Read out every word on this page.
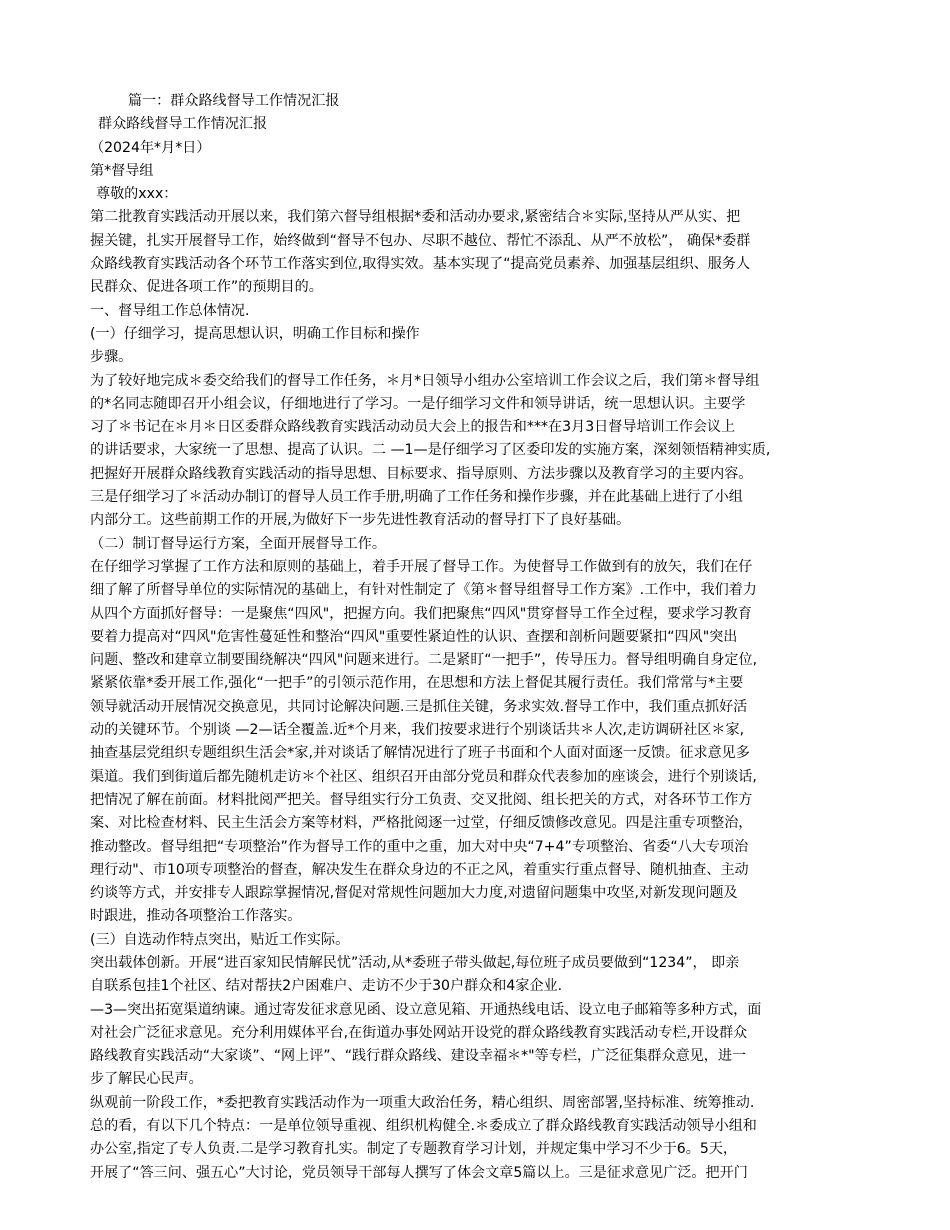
篇一：群众路线督导工作情况汇报
群众路线督导工作情况汇报
（2024年*月*日）
第*督导组
尊敬的xxx：
第二批教育实践活动开展以来，我们第六督导组根据*委和活动办要求,紧密结合＊实际,坚持从严从实、把
握关键，扎实开展督导工作，始终做到“督导不包办、尽职不越位、帮忙不添乱、从严不放松”， 确保*委群
众路线教育实践活动各个环节工作落实到位,取得实效。基本实现了“提高党员素养、加强基层组织、服务人
民群众、促进各项工作”的预期目的。
一、督导组工作总体情况.
(一）仔细学习，提高思想认识，明确工作目标和操作
步骤。
为了较好地完成＊委交给我们的督导工作任务，＊月*日领导小组办公室培训工作会议之后，我们第＊督导组
的*名同志随即召开小组会议，仔细地进行了学习。一是仔细学习文件和领导讲话，统一思想认识。主要学
习了＊书记在＊月＊日区委群众路线教育实践活动动员大会上的报告和***在3月3日督导培训工作会议上
的讲话要求，大家统一了思想、提高了认识。二 —1—是仔细学习了区委印发的实施方案，深刻领悟精神实质,
把握好开展群众路线教育实践活动的指导思想、目标要求、指导原则、方法步骤以及教育学习的主要内容。
三是仔细学习了＊活动办制订的督导人员工作手册,明确了工作任务和操作步骤，并在此基础上进行了小组
内部分工。这些前期工作的开展,为做好下一步先进性教育活动的督导打下了良好基础。
（二）制订督导运行方案，全面开展督导工作。
在仔细学习掌握了工作方法和原则的基础上，着手开展了督导工作。为使督导工作做到有的放矢，我们在仔
细了解了所督导单位的实际情况的基础上，有针对性制定了《第＊督导组督导工作方案》.工作中，我们着力
从四个方面抓好督导：一是聚焦“四风"，把握方向。我们把聚焦“四风"贯穿督导工作全过程，要求学习教育
要着力提高对“四风"危害性蔓延性和整治“四风"重要性紧迫性的认识、查摆和剖析问题要紧扣“四风"突出
问题、整改和建章立制要围绕解决“四风"问题来进行。二是紧盯“一把手”，传导压力。督导组明确自身定位,
紧紧依靠*委开展工作,强化“一把手”的引领示范作用，在思想和方法上督促其履行责任。我们常常与*主要
领导就活动开展情况交换意见，共同讨论解决问题.三是抓住关键，务求实效.督导工作中，我们重点抓好活
动的关键环节。个别谈 —2—话全覆盖.近*个月来，我们按要求进行个别谈话共＊人次,走访调研社区＊家,
抽查基层党组织专题组织生活会*家,并对谈话了解情况进行了班子书面和个人面对面逐一反馈。征求意见多
渠道。我们到街道后都先随机走访＊个社区、组织召开由部分党员和群众代表参加的座谈会，进行个别谈话,
把情况了解在前面。材料批阅严把关。督导组实行分工负责、交叉批阅、组长把关的方式，对各环节工作方
案、对比检查材料、民主生活会方案等材料，严格批阅逐一过堂，仔细反馈修改意见。四是注重专项整治，
推动整改。督导组把“专项整治”作为督导工作的重中之重，加大对中央“7+4”专项整治、省委“八大专项治
理行动"、市10项专项整治的督查，解决发生在群众身边的不正之风，着重实行重点督导、随机抽查、主动
约谈等方式，并安排专人跟踪掌握情况,督促对常规性问题加大力度,对遗留问题集中攻坚,对新发现问题及
时跟进，推动各项整治工作落实。
(三）自选动作特点突出，贴近工作实际。
突出载体创新。开展“进百家知民情解民忧”活动,从*委班子带头做起,每位班子成员要做到“1234”， 即亲
自联系包挂1个社区、结对帮扶2户困难户、走访不少于30户群众和4家企业.
—3—突出拓宽渠道纳谏。通过寄发征求意见函、设立意见箱、开通热线电话、设立电子邮箱等多种方式，面
对社会广泛征求意见。充分利用媒体平台,在街道办事处网站开设党的群众路线教育实践活动专栏,开设群众
路线教育实践活动“大家谈”、“网上评”、“践行群众路线、建设幸福＊*"等专栏，广泛征集群众意见，进一
步了解民心民声。
纵观前一阶段工作，*委把教育实践活动作为一项重大政治任务，精心组织、周密部署,坚持标准、统筹推动.
总的看，有以下几个特点：一是单位领导重视、组织机构健全.＊委成立了群众路线教育实践活动领导小组和
办公室,指定了专人负责.二是学习教育扎实。制定了专题教育学习计划，并规定集中学习不少于6。5天，
开展了“答三问、强五心”大讨论，党员领导干部每人撰写了体会文章5篇以上。三是征求意见广泛。把开门
